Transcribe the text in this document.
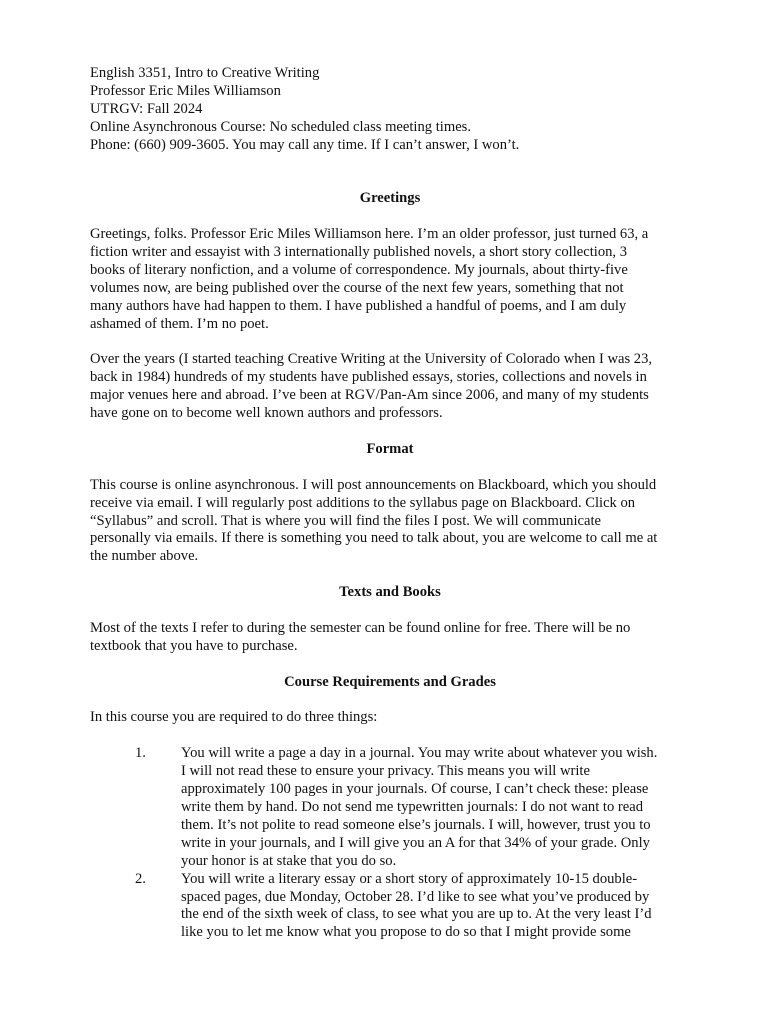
English 3351, Intro to Creative Writing
Professor Eric Miles Williamson
UTRGV: Fall 2024
Online Asynchronous Course: No scheduled class meeting times.
Phone: (660) 909-3605. You may call any time. If I can’t answer, I won’t.
Greetings
Greetings, folks. Professor Eric Miles Williamson here. I’m an older professor, just turned 63, a
fiction writer and essayist with 3 internationally published novels, a short story collection, 3
books of literary nonfiction, and a volume of correspondence. My journals, about thirty-five
volumes now, are being published over the course of the next few years, something that not
many authors have had happen to them. I have published a handful of poems, and I am duly
ashamed of them. I’m no poet.
Over the years (I started teaching Creative Writing at the University of Colorado when I was 23,
back in 1984) hundreds of my students have published essays, stories, collections and novels in
major venues here and abroad. I’ve been at RGV/Pan-Am since 2006, and many of my students
have gone on to become well known authors and professors.
Format
This course is online asynchronous. I will post announcements on Blackboard, which you should
receive via email. I will regularly post additions to the syllabus page on Blackboard. Click on
“Syllabus” and scroll. That is where you will find the files I post. We will communicate
personally via emails. If there is something you need to talk about, you are welcome to call me at
the number above.
Texts and Books
Most of the texts I refer to during the semester can be found online for free. There will be no
textbook that you have to purchase.
Course Requirements and Grades
In this course you are required to do three things:
1. You will write a page a day in a journal. You may write about whatever you wish.
I will not read these to ensure your privacy. This means you will write
approximately 100 pages in your journals. Of course, I can’t check these: please
write them by hand. Do not send me typewritten journals: I do not want to read
them. It’s not polite to read someone else’s journals. I will, however, trust you to
write in your journals, and I will give you an A for that 34% of your grade. Only
your honor is at stake that you do so.
2. You will write a literary essay or a short story of approximately 10-15 double-
spaced pages, due Monday, October 28. I’d like to see what you’ve produced by
the end of the sixth week of class, to see what you are up to. At the very least I’d
like you to let me know what you propose to do so that I might provide some
